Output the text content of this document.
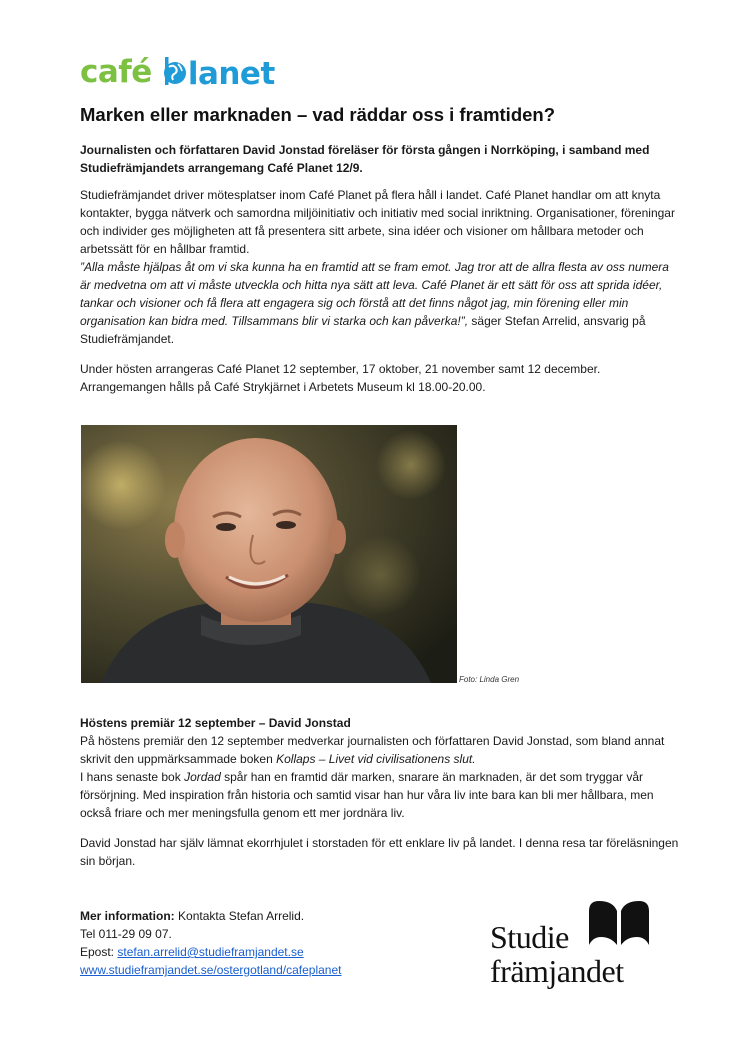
café	lanet
Marken eller marknaden – vad räddar oss i framtiden?

Journalisten och författaren David Jonstad föreläser för första gången i Norrköping, i samband med Studiefrämjandets arrangemang Café Planet 12/9.

Studiefrämjandet driver mötesplatser inom Café Planet på flera håll i landet. Café Planet handlar om att knyta kontakter, bygga nätverk och samordna miljöinitiativ och initiativ med social inriktning. Organisationer, föreningar och individer ges möjligheten att få presentera sitt arbete, sina idéer och visioner om hållbara metoder och arbetssätt för en hållbar framtid.
”Alla måste hjälpas åt om vi ska kunna ha en framtid att se fram emot. Jag tror att de allra flesta av oss numera är medvetna om att vi måste utveckla och hitta nya sätt att leva. Café Planet är ett sätt för oss att sprida idéer, tankar och visioner och få flera att engagera sig och förstå att det finns något jag, min förening eller min organisation kan bidra med. Tillsammans blir vi starka och kan påverka!”, säger Stefan Arrelid, ansvarig på Studiefrämjandet.

Under hösten arrangeras Café Planet 12 september, 17 oktober, 21 november samt 12 december.
Arrangemangen hålls på Café Strykjärnet i Arbetets Museum kl 18.00-20.00.

Foto: Linda Gren

Höstens premiär 12 september – David Jonstad
På höstens premiär den 12 september medverkar journalisten och författaren David Jonstad, som bland annat skrivit den uppmärksammade boken Kollaps – Livet vid civilisationens slut.
I hans senaste bok Jordad spår han en framtid där marken, snarare än marknaden, är det som tryggar vår försörjning. Med inspiration från historia och samtid visar han hur våra liv inte bara kan bli mer hållbara, men också friare och mer meningsfulla genom ett mer jordnära liv.

David Jonstad har själv lämnat ekorrhjulet i storstaden för ett enklare liv på landet. I denna resa tar föreläsningen sin början.

Mer information: Kontakta Stefan Arrelid.
Tel 011-29 09 07.
Epost: stefan.arrelid@studieframjandet.se
www.studieframjandet.se/ostergotland/cafeplanet

Studie
främjandet
